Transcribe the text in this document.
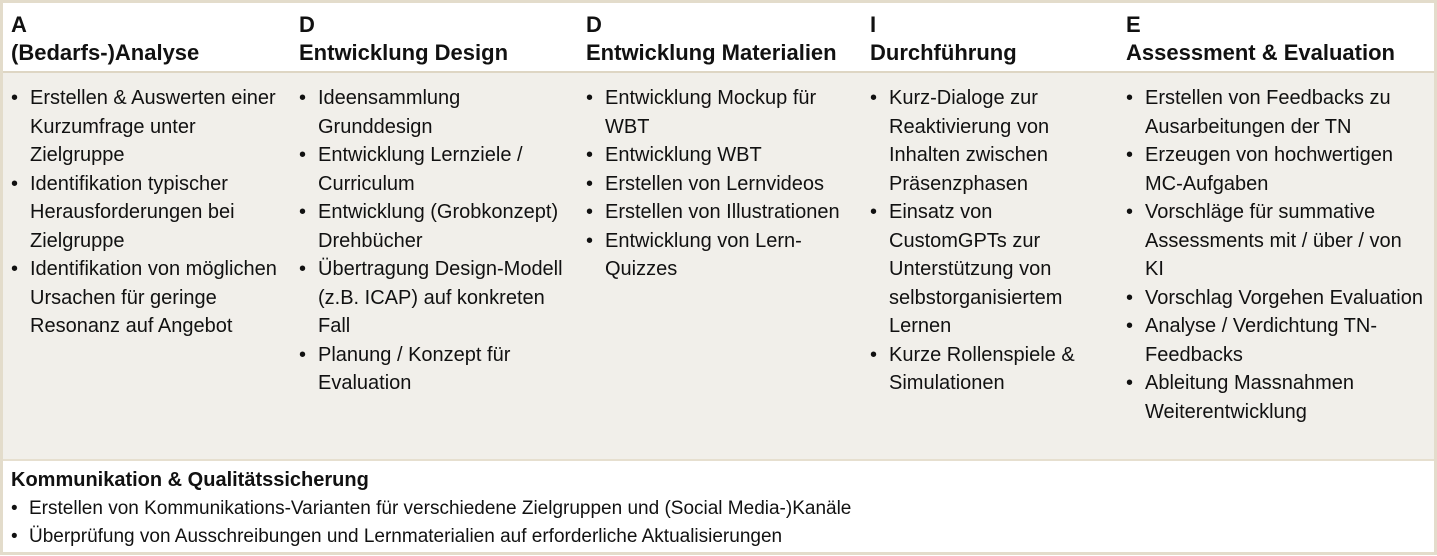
A
(Bedarfs-)Analyse
D
Entwicklung Design
D
Entwicklung Materialien
I
Durchführung
E
Assessment & Evaluation
• Erstellen & Auswerten einer Kurzumfrage unter Zielgruppe
• Identifikation typischer Herausforderungen bei Zielgruppe
• Identifikation von möglichen Ursachen für geringe Resonanz auf Angebot
• Ideensammlung Grunddesign
• Entwicklung Lernziele / Curriculum
• Entwicklung (Grobkonzept) Drehbücher
• Übertragung Design-Modell (z.B. ICAP) auf konkreten Fall
• Planung / Konzept für Evaluation
• Entwicklung Mockup für WBT
• Entwicklung WBT
• Erstellen von Lernvideos
• Erstellen von Illustrationen
• Entwicklung von Lern-Quizzes
• Kurz-Dialoge zur Reaktivierung von Inhalten zwischen Präsenzphasen
• Einsatz von CustomGPTs zur Unterstützung von selbstorganisiertem Lernen
• Kurze Rollenspiele & Simulationen
• Erstellen von Feedbacks zu Ausarbeitungen der TN
• Erzeugen von hochwertigen MC-Aufgaben
• Vorschläge für summative Assessments mit / über / von KI
• Vorschlag Vorgehen Evaluation
• Analyse / Verdichtung TN-Feedbacks
• Ableitung Massnahmen Weiterentwicklung
Kommunikation & Qualitätssicherung
• Erstellen von Kommunikations-Varianten für verschiedene Zielgruppen und (Social Media-)Kanäle
• Überprüfung von Ausschreibungen und Lernmaterialien auf erforderliche Aktualisierungen
